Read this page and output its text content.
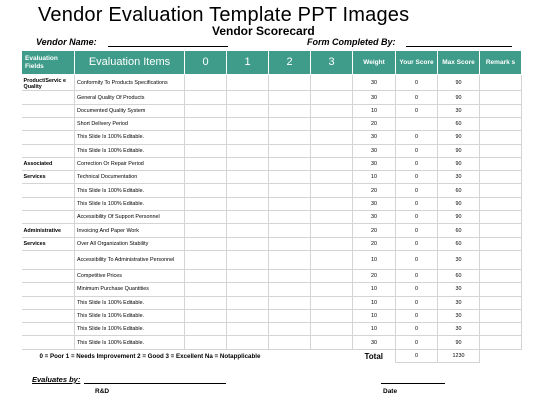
Vendor Evaluation Template PPT Images
Vendor Scorecard
Vendor Name:	Form Completed By:
Evaluation Fields	Evaluation Items	0	1	2	3	Weight	Your Score	Max Score	Remark s
Product/Servic e Quality	Conformity To Products Specifications					30	0	90	
	General Quality Of Products					30	0	90	
	Documented Quality System					10	0	30	
	Short Delivery Period					20		60	
	This Slide Is 100% Editable.					30	0	90	
	This Slide Is 100% Editable.					30	0	90	
Associated	Correction Or Repair Period					30	0	90	
Services	Technical Documentation					10	0	30	
	This Slide Is 100% Editable.					20	0	60	
	This Slide Is 100% Editable.					30	0	90	
	Accessibility Of Support Personnel					30	0	90	
Administrative	Invoicing And Paper Work					20	0	60	
Services	Over All Organization Stability					20	0	60	
	Accessibility To Administrative Personnel					10	0	30	
	Competitive Prices					20	0	60	
	Minimum Purchase Quantities					10	0	30	
	This Slide Is 100% Editable.					10	0	30	
	This Slide Is 100% Editable.					10	0	30	
	This Slide Is 100% Editable.					10	0	30	
	This Slide Is 100% Editable.					30	0	90	
0 = Poor 1 = Needs Improvement 2 = Good 3 = Excellent Na = Notapplicable						Total	0	1230	
Evaluates by:
R&D	Date
